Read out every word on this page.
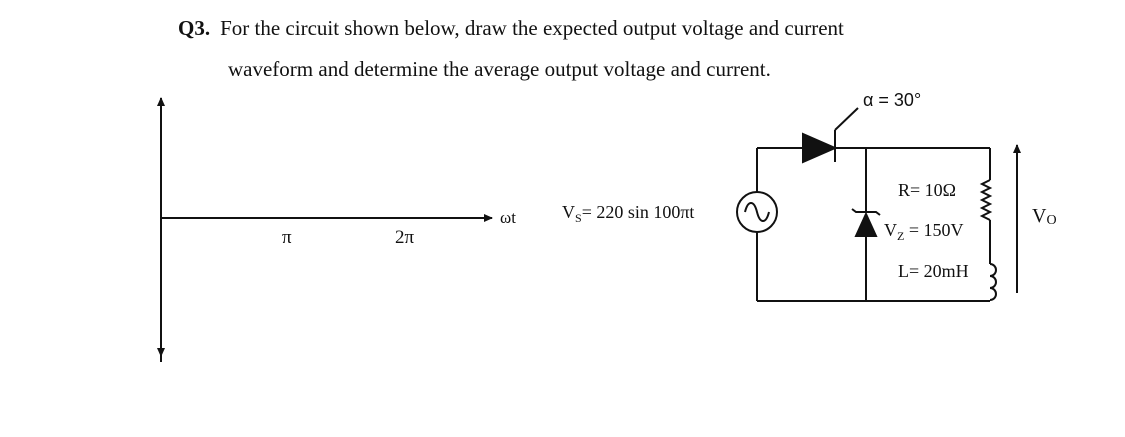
Q3. For the circuit shown below, draw the expected output voltage and current
waveform and determine the average output voltage and current.
ωt
π	2π
α = 30°
$V_S= 220$ sin 100πt
R= 10Ω
$V_Z = 150V$
L= 20mH
VO
